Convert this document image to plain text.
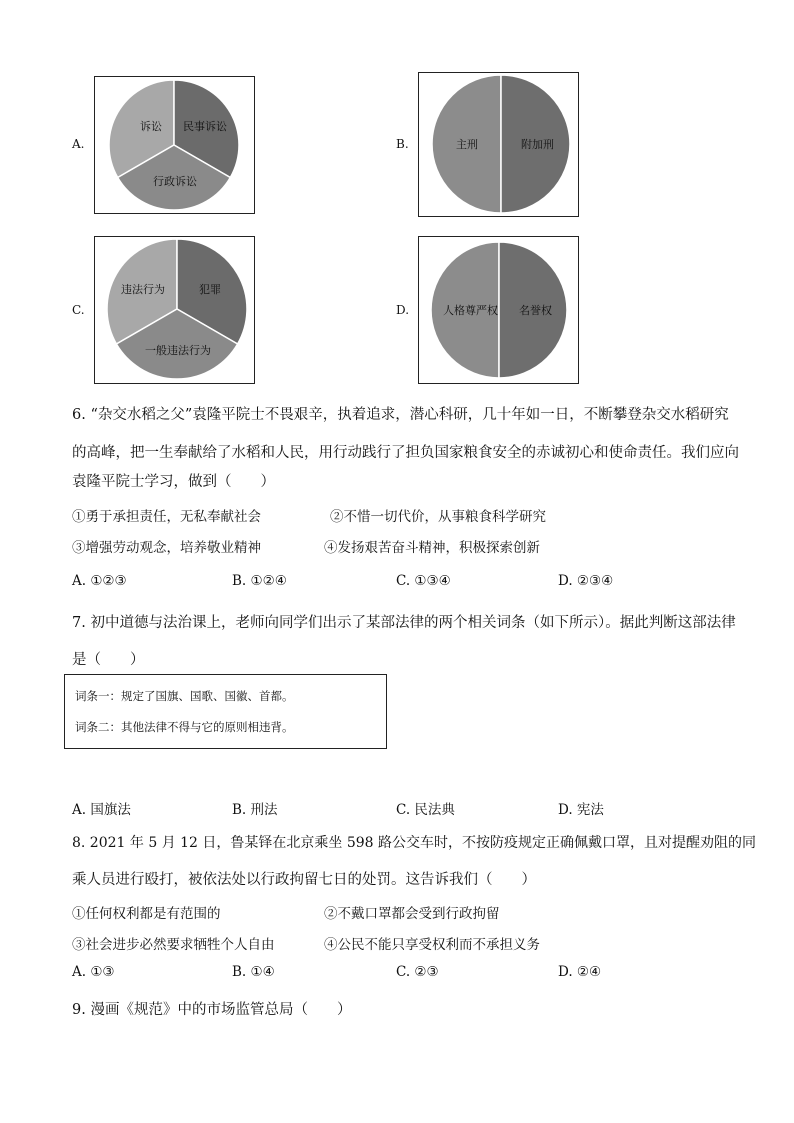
A.
诉讼 民事诉讼
行政诉讼
B.	主刑	附加刑
C.
违法行为	犯罪
一般违法行为
D.	人格尊严权 名誉权
6. “杂交水稻之父”袁隆平院士不畏艰辛，执着追求，潜心科研，几十年如一日，不断攀登杂交水稻研究
的高峰，把一生奉献给了水稻和人民，用行动践行了担负国家粮食安全的赤诚初心和使命责任。我们应向
袁隆平院士学习，做到（　　）
①勇于承担责任，无私奉献社会	②不惜一切代价，从事粮食科学研究
③增强劳动观念，培养敬业精神	④发扬艰苦奋斗精神，积极探索创新
A. ①②③	B. ①②④	C. ①③④	D. ②③④
7. 初中道德与法治课上，老师向同学们出示了某部法律的两个相关词条（如下所示）。据此判断这部法律
是（　　）
词条一：规定了国旗、国歌、国徽、首都。
词条二：其他法律不得与它的原则相违背。
A. 国旗法	B. 刑法	C. 民法典	D. 宪法
8. 2021 年 5 月 12 日，鲁某铎在北京乘坐 598 路公交车时，不按防疫规定正确佩戴口罩，且对提醒劝阻的同
乘人员进行殴打，被依法处以行政拘留七日的处罚。这告诉我们（　　）
①任何权利都是有范围的	②不戴口罩都会受到行政拘留
③社会进步必然要求牺牲个人自由	④公民不能只享受权利而不承担义务
A. ①③	B. ①④	C. ②③	D. ②④
9. 漫画《规范》中的市场监管总局（　　）
